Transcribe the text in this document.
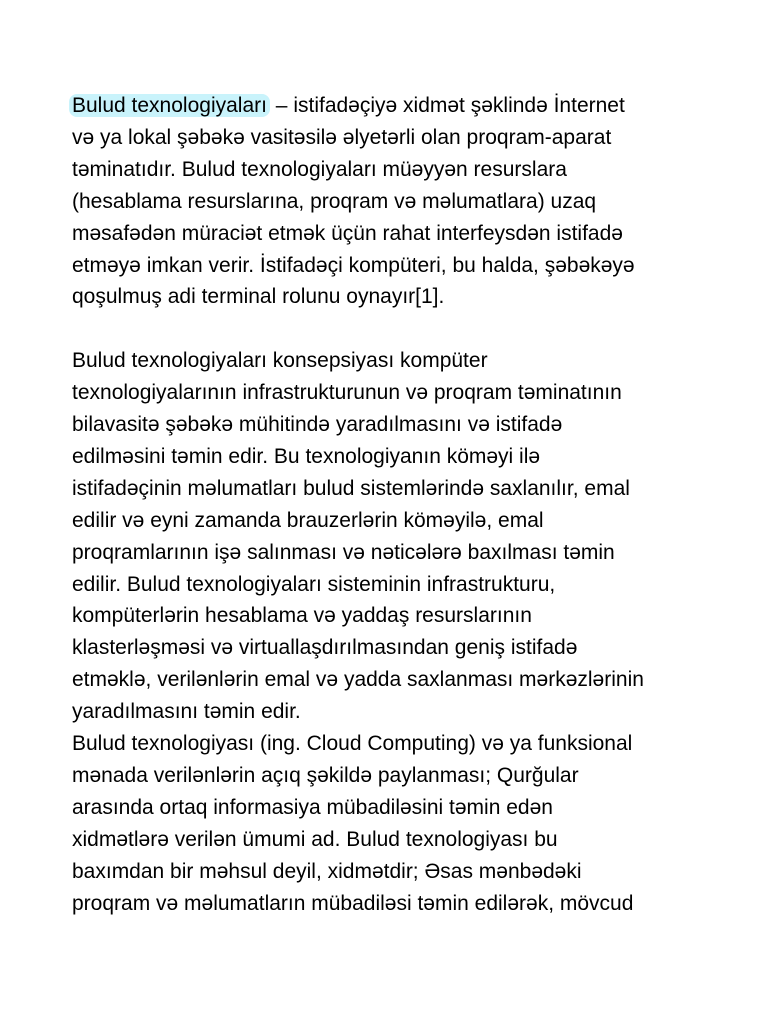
Bulud texnologiyaları – istifadəçiyə xidmət şəklində İnternet
və ya lokal şəbəkə vasitəsilə əlyetərli olan proqram-aparat
təminatıdır. Bulud texnologiyaları müəyyən resurslara
(hesablama resurslarına, proqram və məlumatlara) uzaq
məsafədən müraciət etmək üçün rahat interfeysdən istifadə
etməyə imkan verir. İstifadəçi kompüteri, bu halda, şəbəkəyə
qoşulmuş adi terminal rolunu oynayır[1].
Bulud texnologiyaları konsepsiyası kompüter
texnologiyalarının infrastrukturunun və proqram təminatının
bilavasitə şəbəkə mühitində yaradılmasını və istifadə
edilməsini təmin edir. Bu texnologiyanın köməyi ilə
istifadəçinin məlumatları bulud sistemlərində saxlanılır, emal
edilir və eyni zamanda brauzerlərin köməyilə, emal
proqramlarının işə salınması və nəticələrə baxılması təmin
edilir. Bulud texnologiyaları sisteminin infrastrukturu,
kompüterlərin hesablama və yaddaş resurslarının
klasterləşməsi və virtuallaşdırılmasından geniş istifadə
etməklə, verilənlərin emal və yadda saxlanması mərkəzlərinin
yaradılmasını təmin edir.
Bulud texnologiyası (ing. Cloud Computing) və ya funksional
mənada verilənlərin açıq şəkildə paylanması; Qurğular
arasında ortaq informasiya mübadiləsini təmin edən
xidmətlərə verilən ümumi ad. Bulud texnologiyası bu
baxımdan bir məhsul deyil, xidmətdir; Əsas mənbədəki
proqram və məlumatların mübadiləsi təmin edilərək, mövcud
